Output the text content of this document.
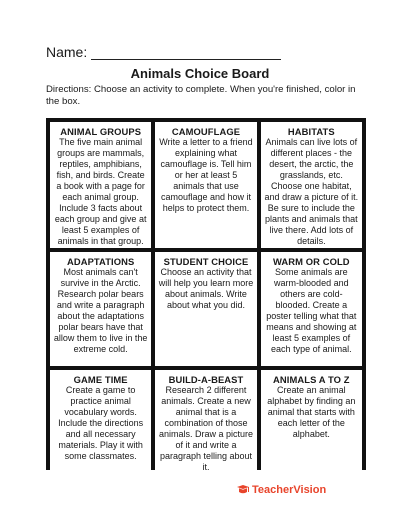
Name:
Animals Choice Board
Directions: Choose an activity to complete. When you're finished, color in the box.
ANIMAL GROUPS
The five main animal groups are mammals, reptiles, amphibians, fish, and birds. Create a book with a page for each animal group. Include 3 facts about each group and give at least 5 examples of animals in that group.
CAMOUFLAGE
Write a letter to a friend explaining what camouflage is. Tell him or her at least 5 animals that use camouflage and how it helps to protect them.
HABITATS
Animals can live lots of different places - the desert, the arctic, the grasslands, etc. Choose one habitat, and draw a picture of it. Be sure to include the plants and animals that live there. Add lots of details.
ADAPTATIONS
Most animals can't survive in the Arctic. Research polar bears and write a paragraph about the adaptations polar bears have that allow them to live in the extreme cold.
STUDENT CHOICE
Choose an activity that will help you learn more about animals. Write about what you did.
WARM OR COLD
Some animals are warm-blooded and others are cold-blooded. Create a poster telling what that means and showing at least 5 examples of each type of animal.
GAME TIME
Create a game to practice animal vocabulary words. Include the directions and all necessary materials. Play it with some classmates.
BUILD-A-BEAST
Research 2 different animals. Create a new animal that is a combination of those animals. Draw a picture of it and write a paragraph telling about it.
ANIMALS A TO Z
Create an animal alphabet by finding an animal that starts with each letter of the alphabet.
TeacherVision
